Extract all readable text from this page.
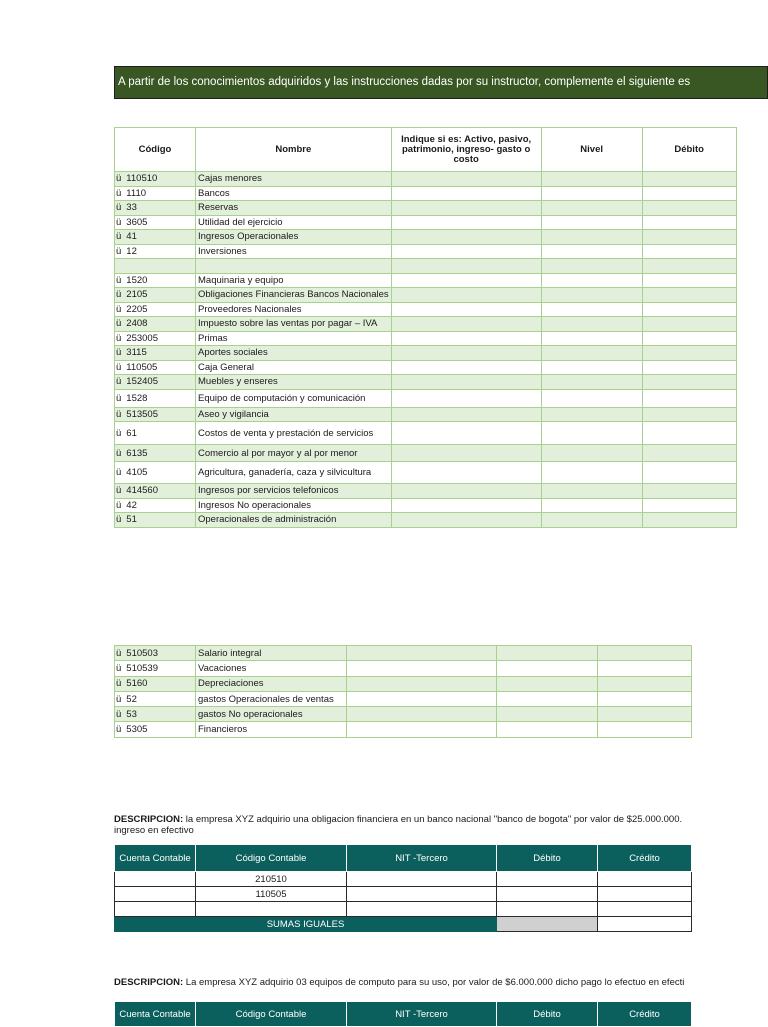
A partir de los conocimientos adquiridos y las instrucciones dadas por su instructor, complemente el siguiente es
Código	Nombre	Indique si es: Activo, pasivo, patrimonio, ingreso- gasto o costo	Nivel	Débito
ü 110510	Cajas menores			
ü 1110	Bancos			
ü 33	Reservas			
ü 3605	Utilidad del ejercicio			
ü 41	Ingresos Operacionales			
ü 12	Inversiones			

ü 1520	Maquinaria y equipo			
ü 2105	Obligaciones Financieras Bancos Nacionales			
ü 2205	Proveedores Nacionales			
ü 2408	Impuesto sobre las ventas por pagar – IVA			
ü 253005	Primas			
ü 3115	Aportes sociales			
ü 110505	Caja General			
ü 152405	Muebles y enseres			
ü 1528	Equipo de computación y comunicación			
ü 513505	Aseo y vigilancia			
ü 61	Costos de venta y prestación de servicios			
ü 6135	Comercio al por mayor y al por menor			
ü 4105	Agricultura, ganadería, caza y silvicultura			
ü 414560	Ingresos por servicios telefonicos			
ü 42	Ingresos No operacionales			
ü 51	Operacionales de administración			
ü 510503	Salario integral			
ü 510539	Vacaciones			
ü 5160	Depreciaciones			
ü 52	gastos Operacionales de ventas			
ü 53	gastos No operacionales			
ü 5305	Financieros			
DESCRIPCION: la empresa XYZ adquirio una obligacion financiera en un banco nacional "banco de bogota" por valor de $25.000.000. ingreso en efectivo
Cuenta Contable	Código Contable	NIT -Tercero	Débito	Crédito
	210510			
	110505			

SUMAS IGUALES				
DESCRIPCION: La empresa XYZ adquirio 03 equipos de computo para su uso, por valor de $6.000.000 dicho pago lo efectuo en efecti
Cuenta Contable	Código Contable	NIT -Tercero	Débito	Crédito
